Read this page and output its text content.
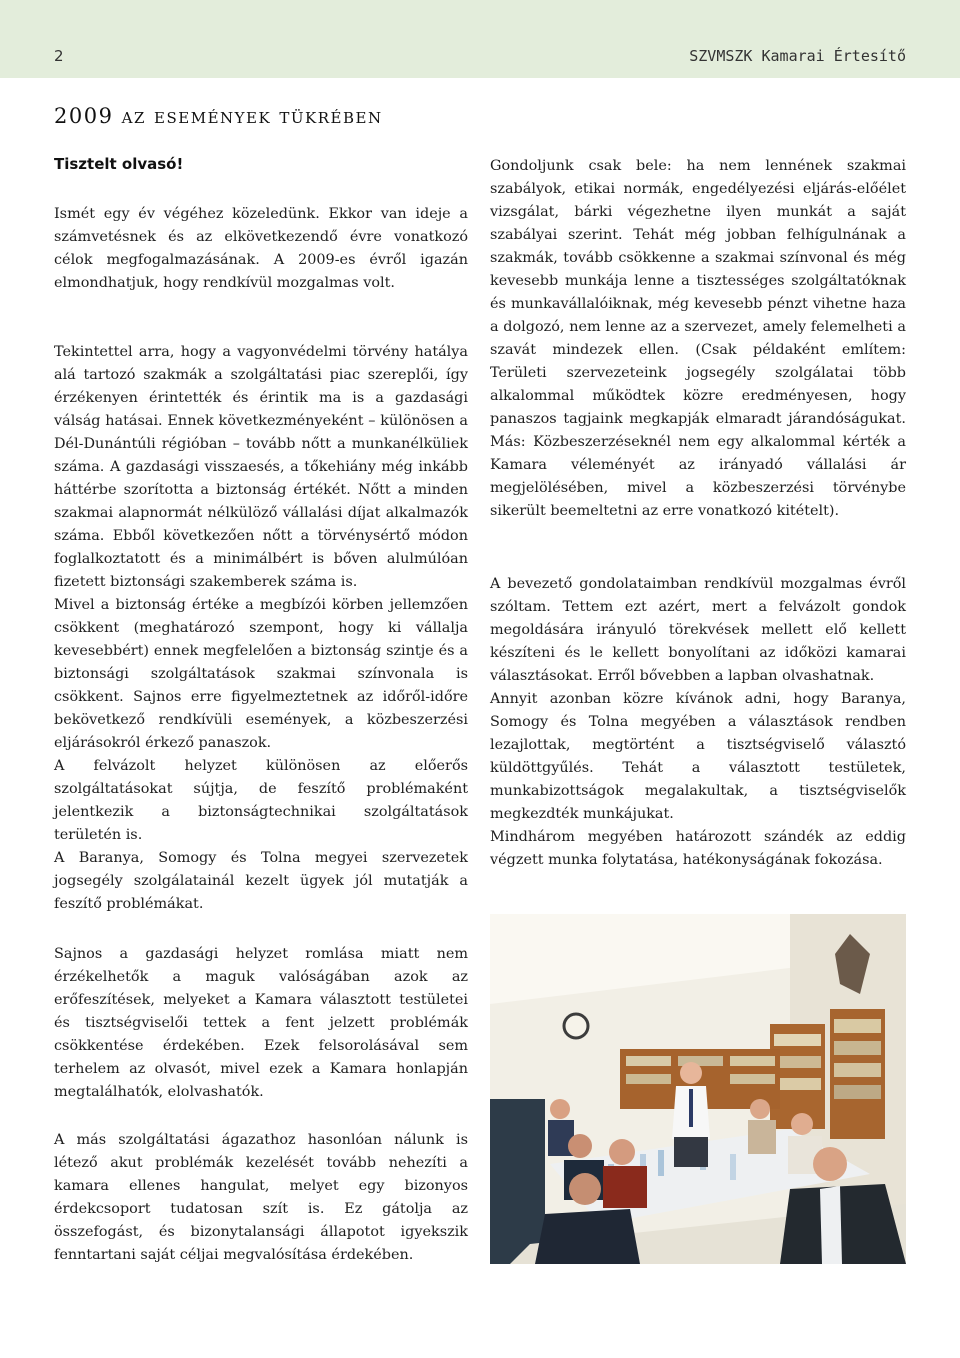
2	SZVMSZK Kamarai Értesítő
2009 az események tükrében
Tisztelt olvasó!

Ismét egy év végéhez közeledünk. Ekkor van ideje a számvetésnek és az elkövetkezendő évre vonatkozó célok megfogalmazásának. A 2009-es évről igazán elmondhatjuk, hogy rendkívül mozgalmas volt.

Tekintettel arra, hogy a vagyonvédelmi törvény hatálya alá tartozó szakmák a szolgáltatási piac szereplői, így érzékenyen érintették és érintik ma is a gazdasági válság hatásai. Ennek következményeként – különösen a Dél-Dunántúli régióban – tovább nőtt a munkanélküliek száma. A gazdasági visszaesés, a tőkehiány még inkább háttérbe szorította a biztonság értékét. Nőtt a minden szakmai alapnormát nélkülöző vállalási díjat alkalmazók száma. Ebből következően nőtt a törvénysértő módon foglalkoztatott és a minimálbért is bőven alulmúlóan fizetett biztonsági szakemberek száma is.

Mivel a biztonság értéke a megbízói körben jellemzően csökkent (meghatározó szempont, hogy ki vállalja kevesebbért) ennek megfelelően a biztonság szintje és a biztonsági szolgáltatások szakmai színvonala is csökkent. Sajnos erre figyelmeztetnek az időről-időre bekövetkező rendkívüli események, a közbeszerzési eljárásokról érkező panaszok.

A felvázolt helyzet különösen az előerős szolgáltatásokat sújtja, de feszítő problémaként jelentkezik a biztonságtechnikai szolgáltatások területén is.

A Baranya, Somogy és Tolna megyei szervezetek jogsegély szolgálatainál kezelt ügyek jól mutatják a feszítő problémákat.

Sajnos a gazdasági helyzet romlása miatt nem érzékelhetők a maguk valóságában azok az erőfeszítések, melyeket a Kamara választott testületei és tisztségviselői tettek a fent jelzett problémák csökkentése érdekében. Ezek felsorolásával sem terhelem az olvasót, mivel ezek a Kamara honlapján megtalálhatók, elolvashatók.

A más szolgáltatási ágazathoz hasonlóan nálunk is létező akut problémák kezelését tovább nehezíti a kamara ellenes hangulat, melyet egy bizonyos érdekcsoport tudatosan szít is. Ez gátolja az összefogást, és bizonytalansági állapotot igyekszik fenntartani saját céljai megvalósítása érdekében.

Gondoljunk csak bele: ha nem lennének szakmai szabályok, etikai normák, engedélyezési eljárás-előélet vizsgálat, bárki végezhetne ilyen munkát a saját szabályai szerint. Tehát még jobban felhígulnának a szakmák, tovább csökkenne a szakmai színvonal és még kevesebb munkája lenne a tisztességes szolgáltatóknak és munkavállalóiknak, még kevesebb pénzt vihetne haza a dolgozó, nem lenne az a szervezet, amely felemelheti a szavát mindezek ellen. (Csak példaként említem: Területi szervezeteink jogsegély szolgálatai több alkalommal működtek közre eredményesen, hogy panaszos tagjaink megkapják elmaradt járandóságukat. Más: Közbeszerzéseknél nem egy alkalommal kérték a Kamara véleményét az irányadó vállalási ár megjelölésében, mivel a közbeszerzési törvénybe sikerült beemeltetni az erre vonatkozó kitételt).

A bevezető gondolataimban rendkívül mozgalmas évről szóltam. Tettem ezt azért, mert a felvázolt gondok megoldására irányuló törekvések mellett elő kellett készíteni és le kellett bonyolítani az időközi kamarai választásokat. Erről bővebben a lapban olvashatnak.

Annyit azonban közre kívánok adni, hogy Baranya, Somogy és Tolna megyében a választások rendben lezajlottak, megtörtént a tisztségviselő választó küldöttgyűlés. Tehát a választott testületek, munkabizottságok megalakultak, a tisztségviselők megkezdték munkájukat.

Mindhárom megyében határozott szándék az eddig végzett munka folytatása, hatékonyságának fokozása.
